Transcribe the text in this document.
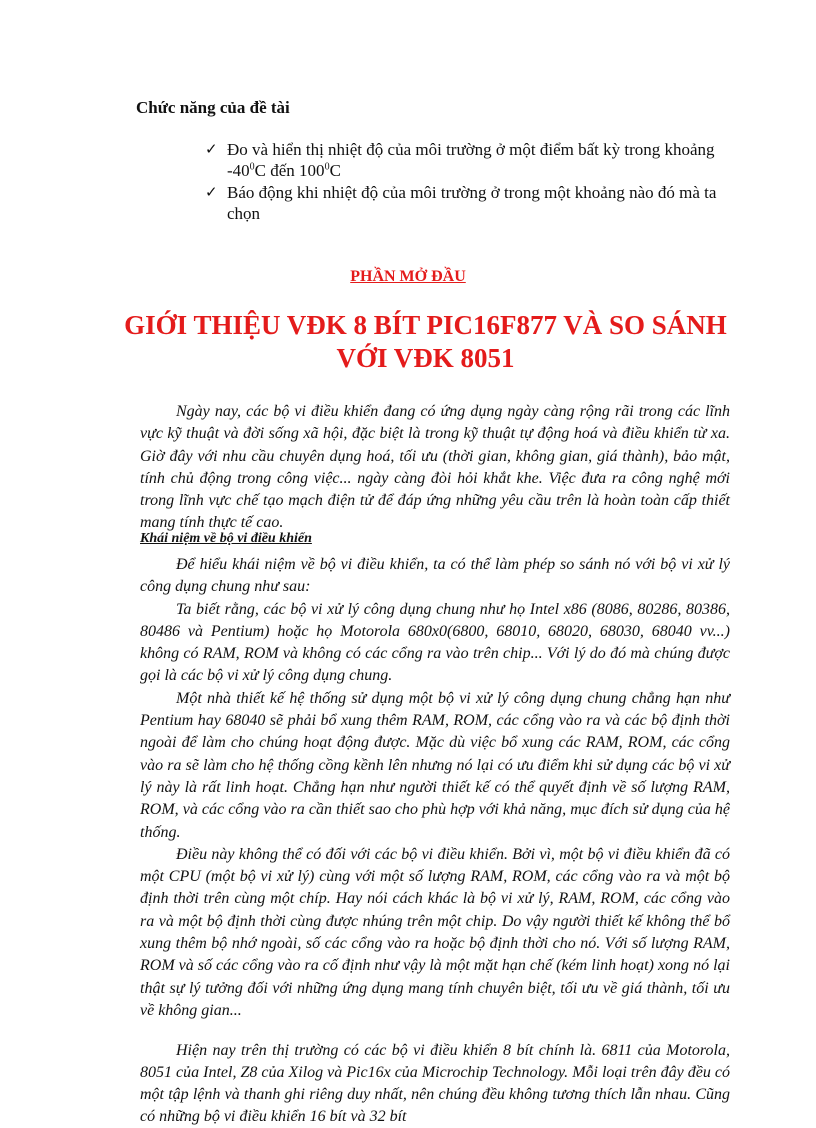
Chức năng của đề tài
✓ Đo và hiển thị nhiệt độ của môi trường ở một điểm bất kỳ trong khoảng $-40^0C$ đến $100^0C$
✓ Báo động khi nhiệt độ của môi trường ở trong một khoảng nào đó mà ta chọn
PHẦN MỞ ĐẦU
GIỚI THIỆU VĐK 8 BÍT PIC16F877 VÀ SO SÁNH
VỚI VĐK 8051

Ngày nay, các bộ vi điều khiển đang có ứng dụng ngày càng rộng rãi trong các lĩnh vực kỹ thuật và đời sống xã hội, đặc biệt là trong kỹ thuật tự động hoá và điều khiển từ xa. Giờ đây với nhu cầu chuyên dụng hoá, tối ưu (thời gian, không gian, giá thành), bảo mật, tính chủ động trong công việc... ngày càng đòi hỏi khắt khe. Việc đưa ra công nghệ mới trong lĩnh vực chế tạo mạch điện tử để đáp ứng những yêu cầu trên là hoàn toàn cấp thiết mang tính thực tế cao.

Khái niệm về bộ vi điều khiển

Để hiểu khái niệm về bộ vi điều khiển, ta có thể làm phép so sánh nó với bộ vi xử lý công dụng chung như sau:

Ta biết rằng, các bộ vi xử lý công dụng chung như họ Intel x86 (8086, 80286, 80386, 80486 và Pentium) hoặc họ Motorola 680x0(6800, 68010, 68020, 68030, 68040 vv...) không có RAM, ROM và không có các cổng ra vào trên chip... Với lý do đó mà chúng được gọi là các bộ vi xử lý công dụng chung.

Một nhà thiết kế hệ thống sử dụng một bộ vi xử lý công dụng chung chẳng hạn như Pentium hay 68040 sẽ phải bổ xung thêm RAM, ROM, các cổng vào ra và các bộ định thời ngoài để làm cho chúng hoạt động được. Mặc dù việc bổ xung các RAM, ROM, các cổng vào ra sẽ làm cho hệ thống cồng kềnh lên nhưng nó lại có ưu điểm khi sử dụng các bộ vi xử lý này là rất linh hoạt. Chẳng hạn như người thiết kế có thể quyết định về số lượng RAM, ROM, và các cổng vào ra cần thiết sao cho phù hợp với khả năng, mục đích sử dụng của hệ thống.

Điều này không thể có đối với các bộ vi điều khiển. Bởi vì, một bộ vi điều khiển đã có một CPU (một bộ vi xử lý) cùng với một số lượng RAM, ROM, các cổng vào ra và một bộ định thời trên cùng một chíp. Hay nói cách khác là bộ vi xử lý, RAM, ROM, các cổng vào ra và một bộ định thời cùng được nhúng trên một chip. Do vậy người thiết kế không thể bổ xung thêm bộ nhớ ngoài, số các cổng vào ra hoặc bộ định thời cho nó. Với số lượng RAM, ROM và số các cổng vào ra cố định như vậy là một mặt hạn chế (kém linh hoạt) xong nó lại thật sự lý tưởng đối với những ứng dụng mang tính chuyên biệt, tối ưu về giá thành, tối ưu về không gian...

Hiện nay trên thị trường có các bộ vi điều khiển 8 bít chính là. 6811 của Motorola, 8051 của Intel, Z8 của Xilog và Pic16x của Microchip Technology. Mỗi loại trên đây đều có một tập lệnh và thanh ghi riêng duy nhất, nên chúng đều không tương thích lẫn nhau. Cũng có những bộ vi điều khiển 16 bít và 32 bít
